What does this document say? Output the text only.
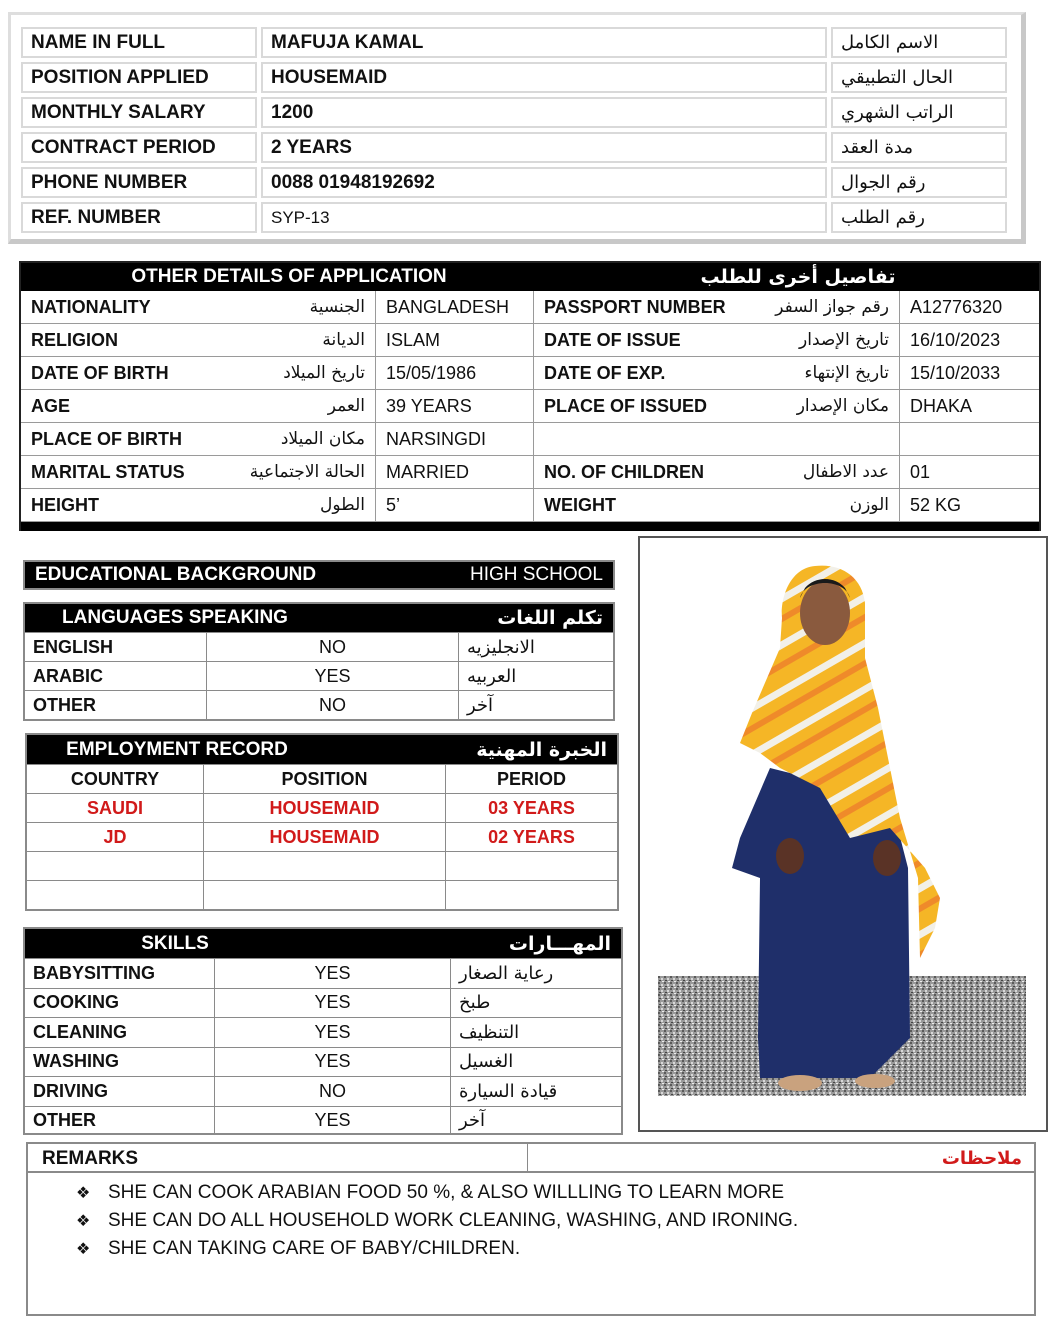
NAME IN FULL	MAFUJA KAMAL	الاسم الكامل
POSITION APPLIED	HOUSEMAID	الحال التطبيقي
MONTHLY SALARY	1200	الراتب الشهري
CONTRACT PERIOD	2 YEARS	مدة العقد
PHONE NUMBER	0088 01948192692	رقم الجوال
REF. NUMBER	SYP-13	رقم الطلب
OTHER DETAILS OF APPLICATION	تفاصيل أخرى للطلب
NATIONALITY	الجنسية	BANGLADESH	PASSPORT NUMBER	رقم جواز السفر	A12776320
RELIGION	الديانة	ISLAM	DATE OF ISSUE	تاريخ الإصدار	16/10/2023
DATE OF BIRTH	تاريخ الميلاد	15/05/1986	DATE OF EXP.	تاريخ الإنتهاء	15/10/2033
AGE	العمر	39 YEARS	PLACE OF ISSUED	مكان الإصدار	DHAKA
PLACE OF BIRTH	مكان الميلاد	NARSINGDI
MARITAL STATUS	الحالة الاجتماعية	MARRIED	NO. OF CHILDREN	عدد الاطفال	01
HEIGHT	الطول	5’	WEIGHT	الوزن	52 KG
EDUCATIONAL BACKGROUND	HIGH SCHOOL
LANGUAGES SPEAKING	تكلم اللغات
ENGLISH	NO	الانجليزيه
ARABIC	YES	العربيه
OTHER	NO	آخر
EMPLOYMENT RECORD	الخبرة المهنية
COUNTRY	POSITION	PERIOD
SAUDI	HOUSEMAID	03 YEARS
JD	HOUSEMAID	02 YEARS
SKILLS	المهـــارات
BABYSITTING	YES	رعاية الصغار
COOKING	YES	طبخ
CLEANING	YES	التنظيف
WASHING	YES	الغسيل
DRIVING	NO	قيادة السيارة
OTHER	YES	آخر
REMARKS	ملاحظات
❖ SHE CAN COOK ARABIAN FOOD 50 %, & ALSO WILLLING TO LEARN MORE
❖ SHE CAN DO ALL HOUSEHOLD WORK CLEANING, WASHING, AND IRONING.
❖ SHE CAN TAKING CARE OF BABY/CHILDREN.
